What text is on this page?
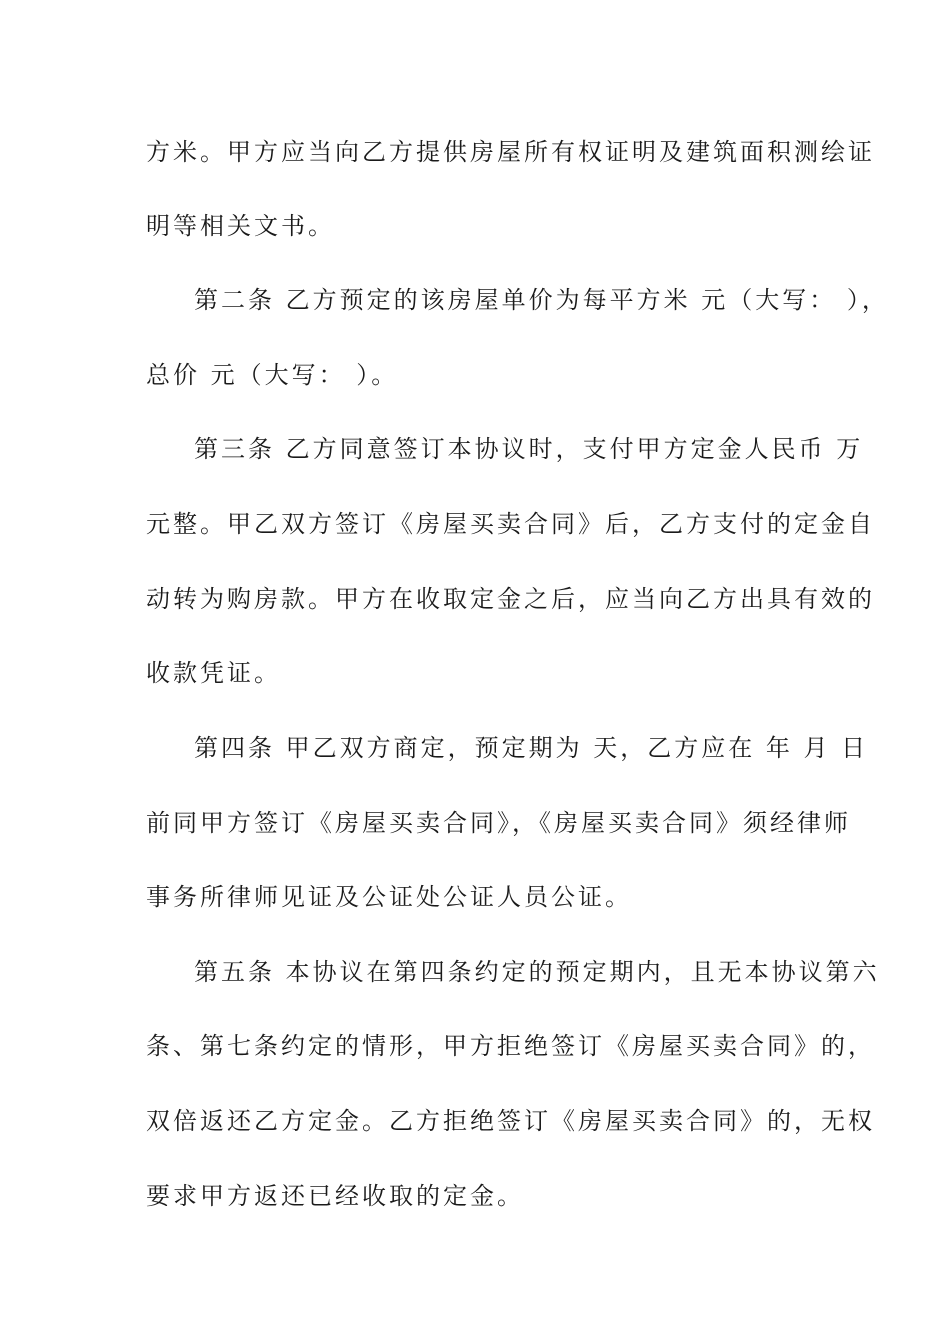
方米。甲方应当向乙方提供房屋所有权证明及建筑面积测绘证
明等相关文书。
第二条 乙方预定的该房屋单价为每平方米 元（大写： ），
总价 元（大写： ）。
第三条 乙方同意签订本协议时，支付甲方定金人民币 万
元整。甲乙双方签订《房屋买卖合同》后，乙方支付的定金自
动转为购房款。甲方在收取定金之后，应当向乙方出具有效的
收款凭证。
第四条 甲乙双方商定，预定期为 天，乙方应在 年 月 日
前同甲方签订《房屋买卖合同》，《房屋买卖合同》须经律师
事务所律师见证及公证处公证人员公证。
第五条 本协议在第四条约定的预定期内，且无本协议第六
条、第七条约定的情形，甲方拒绝签订《房屋买卖合同》的，
双倍返还乙方定金。乙方拒绝签订《房屋买卖合同》的，无权
要求甲方返还已经收取的定金。
